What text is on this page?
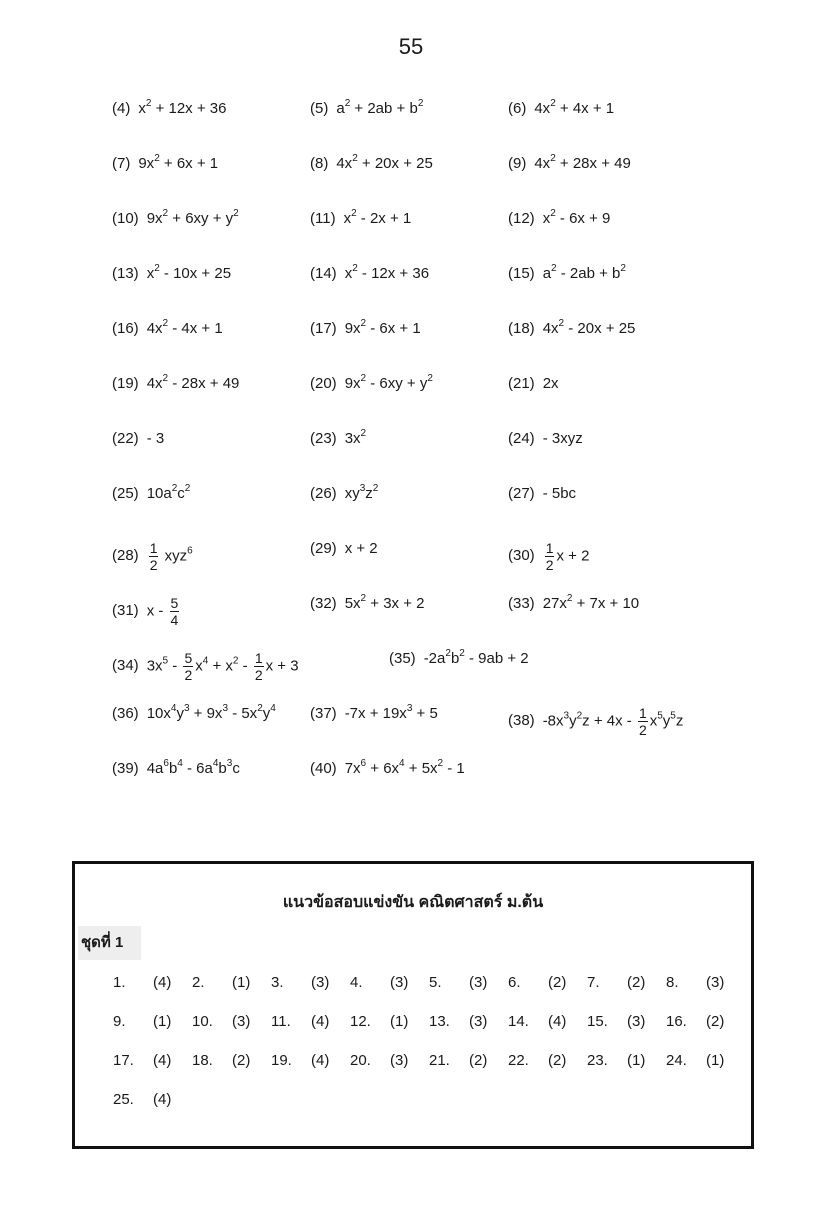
55
(4) $x^2 + 12x + 36$	(5) $a^2 + 2ab + b^2$	(6) $4x^2 + 4x + 1$
(7) $9x^2 + 6x + 1$	(8) $4x^2 + 20x + 25$	(9) $4x^2 + 28x + 49$
(10) $9x^2 + 6xy + y^2$	(11) $x^2 - 2x + 1$	(12) $x^2 - 6x + 9$
(13) $x^2 - 10x + 25$	(14) $x^2 - 12x + 36$	(15) $a^2 - 2ab + b^2$
(16) $4x^2 - 4x + 1$	(17) $9x^2 - 6x + 1$	(18) $4x^2 - 20x + 25$
(19) $4x^2 - 28x + 49$	(20) $9x^2 - 6xy + y^2$	(21) 2x
(22) - 3	(23) $3x^2$	(24) - 3xyz
(25) $10a^2c^2$	(26) $xy^3z^2$	(27) - 5bc
$(28) \frac{1}{2} xyz^6$	(29) x + 2	$(30) \frac{1}{2}$ x + 2
(31) x - $\frac{5}{4}$	(32) $5x^2 + 3x + 2$	(33) $27x^2 + 7x + 10$
(34) $3x^5 - \frac{5}{2} x^4 + x^2 - \frac{1}{2}$ x + 3	(35) $-2a^2b^2 - 9ab + 2$
(36) $10x^4y^3 + 9x^3 - 5x^2y^4$ (37) $-7x + 19x^3 + 5$	(38) $-8x^3y^2z + 4x - \frac{1}{2} x^5y^5z$
(39) $4a^6b^4 - 6a^4b^3c$	(40) $7x^6 + 6x^4 + 5x^2 - 1$
แนวข้อสอบแข่งขัน คณิตศาสตร์ ม.ต้น
ชุดที่ 1
1. (4) 2. (1) 3. (3) 4. (3) 5. (3) 6. (2) 7. (2) 8. (3)
9. (1) 10. (3) 11. (4) 12. (1) 13. (3) 14. (4) 15. (3) 16. (2)
17. (4) 18. (2) 19. (4) 20. (3) 21. (2) 22. (2) 23. (1) 24. (1)
25. (4)
